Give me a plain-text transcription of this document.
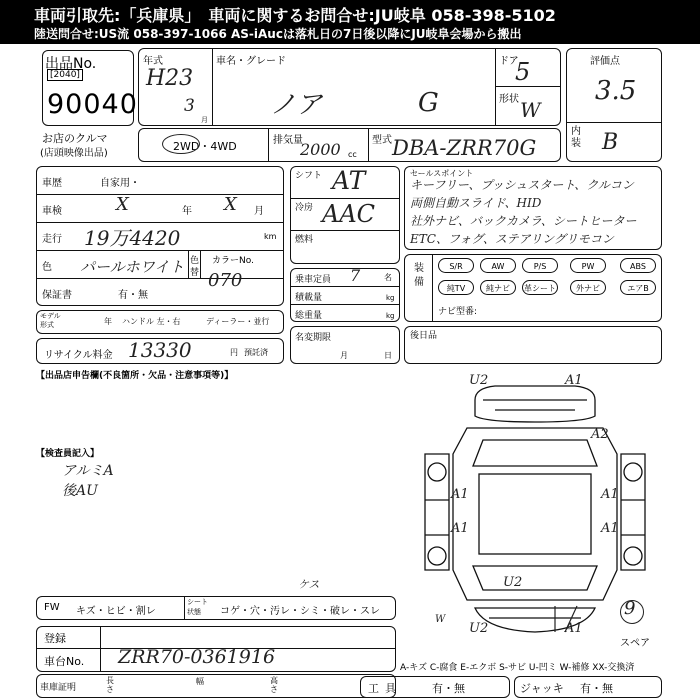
車両引取先:「兵庫県」　車両に関するお問合せ:JU岐阜 058-398-5102
陸送問合せ:US流 058-397-1066 AS-iAucは落札日の7日後以降にJU岐阜会場から搬出
出品No.
[2040]
90040
お店のクルマ
(店頭映像出品)
年式
H23
3
月
車名・グレード
ノア	G
ドア
5
形状 W
評価点
3.5
内装 B
2WD・4WD	排気量
2000 cc
型式 DBA-ZRR70G
車歴	自家用・
車検	X	年 X 月
走行 19万4420	km
色 パールホワイト 色
替
カラーNo.
070
保証書	有・無
モデル
形式	年 ハンドル 左・右	ディーラー・並行
リサイクル料金 13330	円 預託済
シフト AT
冷房 AAC
燃料
セールスポイント
キーフリー、プッシュスタート、クルコン
両側自動スライド、HID
社外ナビ、バックカメラ、シートヒーター
ETC、フォグ、ステアリングリモコン
乗車定員 7	名
積載量	kg
総重量	kg
装備
S/R	AW	P/S	PW	ABS
純TV	純ナビ	革シート	外ナビ	エアB
ナビ型番:
名変期限
月	日
後日品
【出品店申告欄(不良箇所・欠品・注意事項等)】
【検査員記入】
アルミA
後AU
U2	A1
A2
A1
A1
A1
A1
U2
U2	A1
W
9
スペア
FW キズ・ヒビ・割レ
シート
状態 コゲ・穴・汚レ・シミ・破レ・スレ
ケス
登録
車台No. ZRR70-0361916
車庫証明
長さ
幅	高さ
A-キズ C-腐食 E-エクボ S-サビ U-凹ミ W-補修 XX-交換済
工具	有・無	ジャッキ 有・無
